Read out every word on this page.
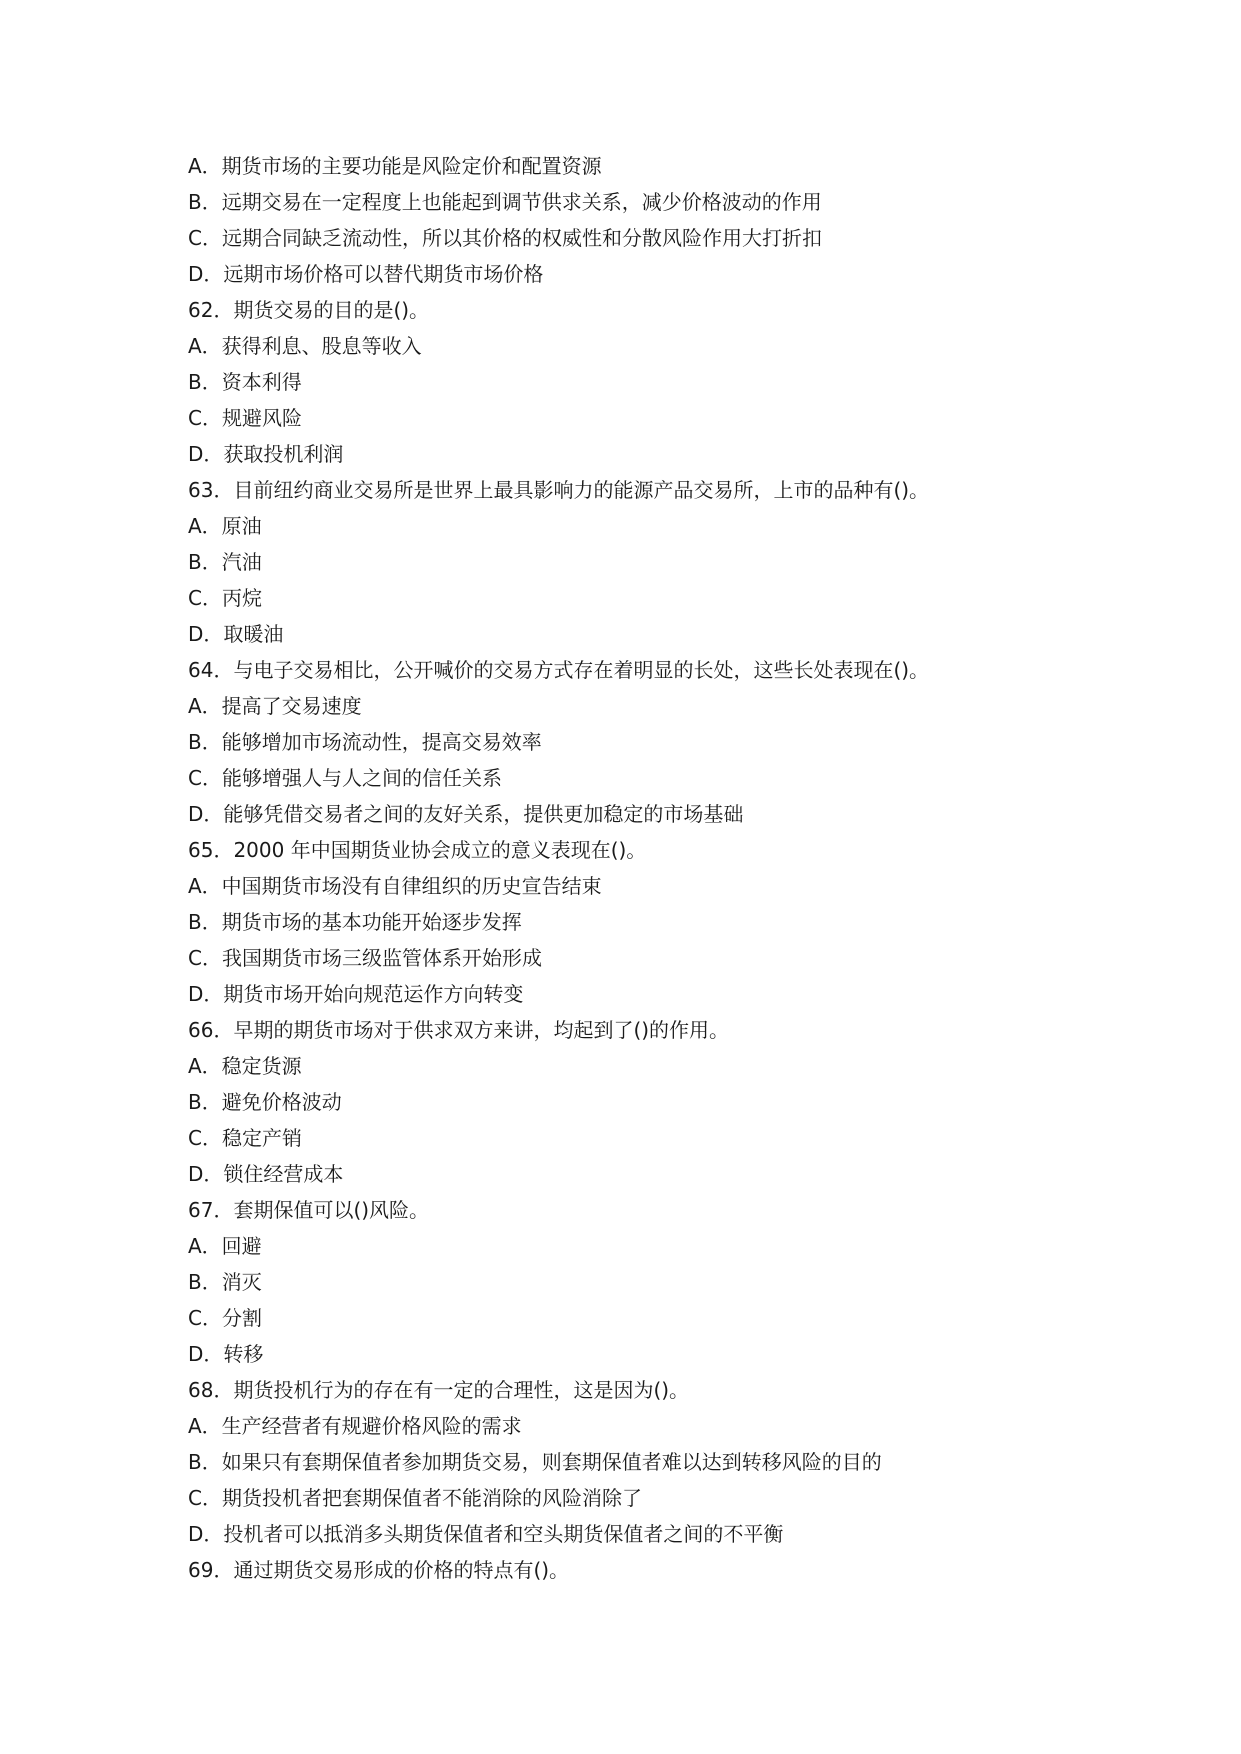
A．期货市场的主要功能是风险定价和配置资源
B．远期交易在一定程度上也能起到调节供求关系，减少价格波动的作用
C．远期合同缺乏流动性，所以其价格的权威性和分散风险作用大打折扣
D．远期市场价格可以替代期货市场价格
62．期货交易的目的是()。
A．获得利息、股息等收入
B．资本利得
C．规避风险
D．获取投机利润
63．目前纽约商业交易所是世界上最具影响力的能源产品交易所，上市的品种有()。
A．原油
B．汽油
C．丙烷
D．取暖油
64．与电子交易相比，公开喊价的交易方式存在着明显的长处，这些长处表现在()。
A．提高了交易速度
B．能够增加市场流动性，提高交易效率
C．能够增强人与人之间的信任关系
D．能够凭借交易者之间的友好关系，提供更加稳定的市场基础
65．2000 年中国期货业协会成立的意义表现在()。
A．中国期货市场没有自律组织的历史宣告结束
B．期货市场的基本功能开始逐步发挥
C．我国期货市场三级监管体系开始形成
D．期货市场开始向规范运作方向转变
66．早期的期货市场对于供求双方来讲，均起到了()的作用。
A．稳定货源
B．避免价格波动
C．稳定产销
D．锁住经营成本
67．套期保值可以()风险。
A．回避
B．消灭
C．分割
D．转移
68．期货投机行为的存在有一定的合理性，这是因为()。
A．生产经营者有规避价格风险的需求
B．如果只有套期保值者参加期货交易，则套期保值者难以达到转移风险的目的
C．期货投机者把套期保值者不能消除的风险消除了
D．投机者可以抵消多头期货保值者和空头期货保值者之间的不平衡
69．通过期货交易形成的价格的特点有()。
